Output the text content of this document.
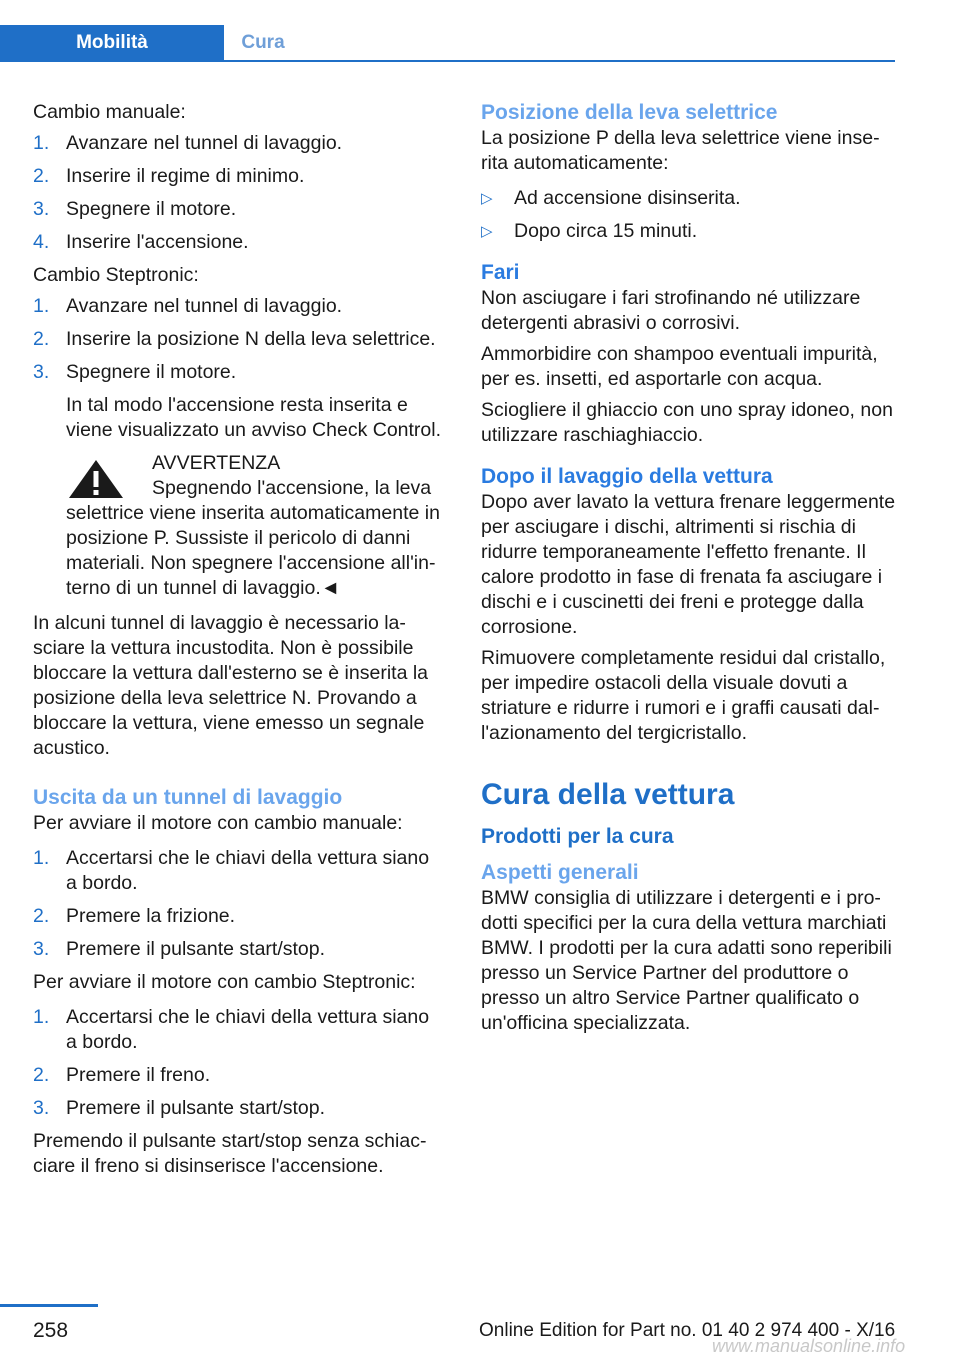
Mobilità	Cura

Cambio manuale:

1. Avanzare nel tunnel di lavaggio.
2. Inserire il regime di minimo.
3. Spegnere il motore.
4. Inserire l'accensione.

Cambio Steptronic:

1. Avanzare nel tunnel di lavaggio.
2. Inserire la posizione N della leva selettrice.
3. Spegnere il motore.
In tal modo l'accensione resta inserita e viene visualizzato un avviso Check Control.
AVVERTENZA
Spegnendo l'accensione, la leva selettrice viene inserita automaticamente in posizione P. Sussiste il pericolo di danni materiali. Non spegnere l'accensione all'interno di un tunnel di lavaggio.◄

In alcuni tunnel di lavaggio è necessario lasciare la vettura incustodita. Non è possibile bloccare la vettura dall'esterno se è inserita la posizione della leva selettrice N. Provando a bloccare la vettura, viene emesso un segnale acustico.

Uscita da un tunnel di lavaggio

Per avviare il motore con cambio manuale:

1. Accertarsi che le chiavi della vettura siano a bordo.
2. Premere la frizione.
3. Premere il pulsante start/stop.

Per avviare il motore con cambio Steptronic:

1. Accertarsi che le chiavi della vettura siano a bordo.
2. Premere il freno.
3. Premere il pulsante start/stop.

Premendo il pulsante start/stop senza schiacciare il freno si disinserisce l'accensione.

Posizione della leva selettrice

La posizione P della leva selettrice viene inserita automaticamente:

▷ Ad accensione disinserita.
▷ Dopo circa 15 minuti.
Fari

Non asciugare i fari strofinando né utilizzare detergenti abrasivi o corrosivi.

Ammorbidire con shampoo eventuali impurità, per es. insetti, ed asportarle con acqua.

Sciogliere il ghiaccio con uno spray idoneo, non utilizzare raschiaghiaccio.

Dopo il lavaggio della vettura

Dopo aver lavato la vettura frenare leggermente per asciugare i dischi, altrimenti si rischia di ridurre temporaneamente l'effetto frenante. Il calore prodotto in fase di frenata fa asciugare i dischi e i cuscinetti dei freni e protegge dalla corrosione.

Rimuovere completamente residui dal cristallo, per impedire ostacoli della visuale dovuti a striature e ridurre i rumori e i graffi causati dall'azionamento del tergicristallo.

Cura della vettura
Prodotti per la cura
Aspetti generali

BMW consiglia di utilizzare i detergenti e i prodotti specifici per la cura della vettura marchiati BMW. I prodotti per la cura adatti sono reperibili presso un Service Partner del produttore o presso un altro Service Partner qualificato o un'officina specializzata.

258	Online Edition for Part no. 01 40 2 974 400 - X/16
www.manualsonline.info
